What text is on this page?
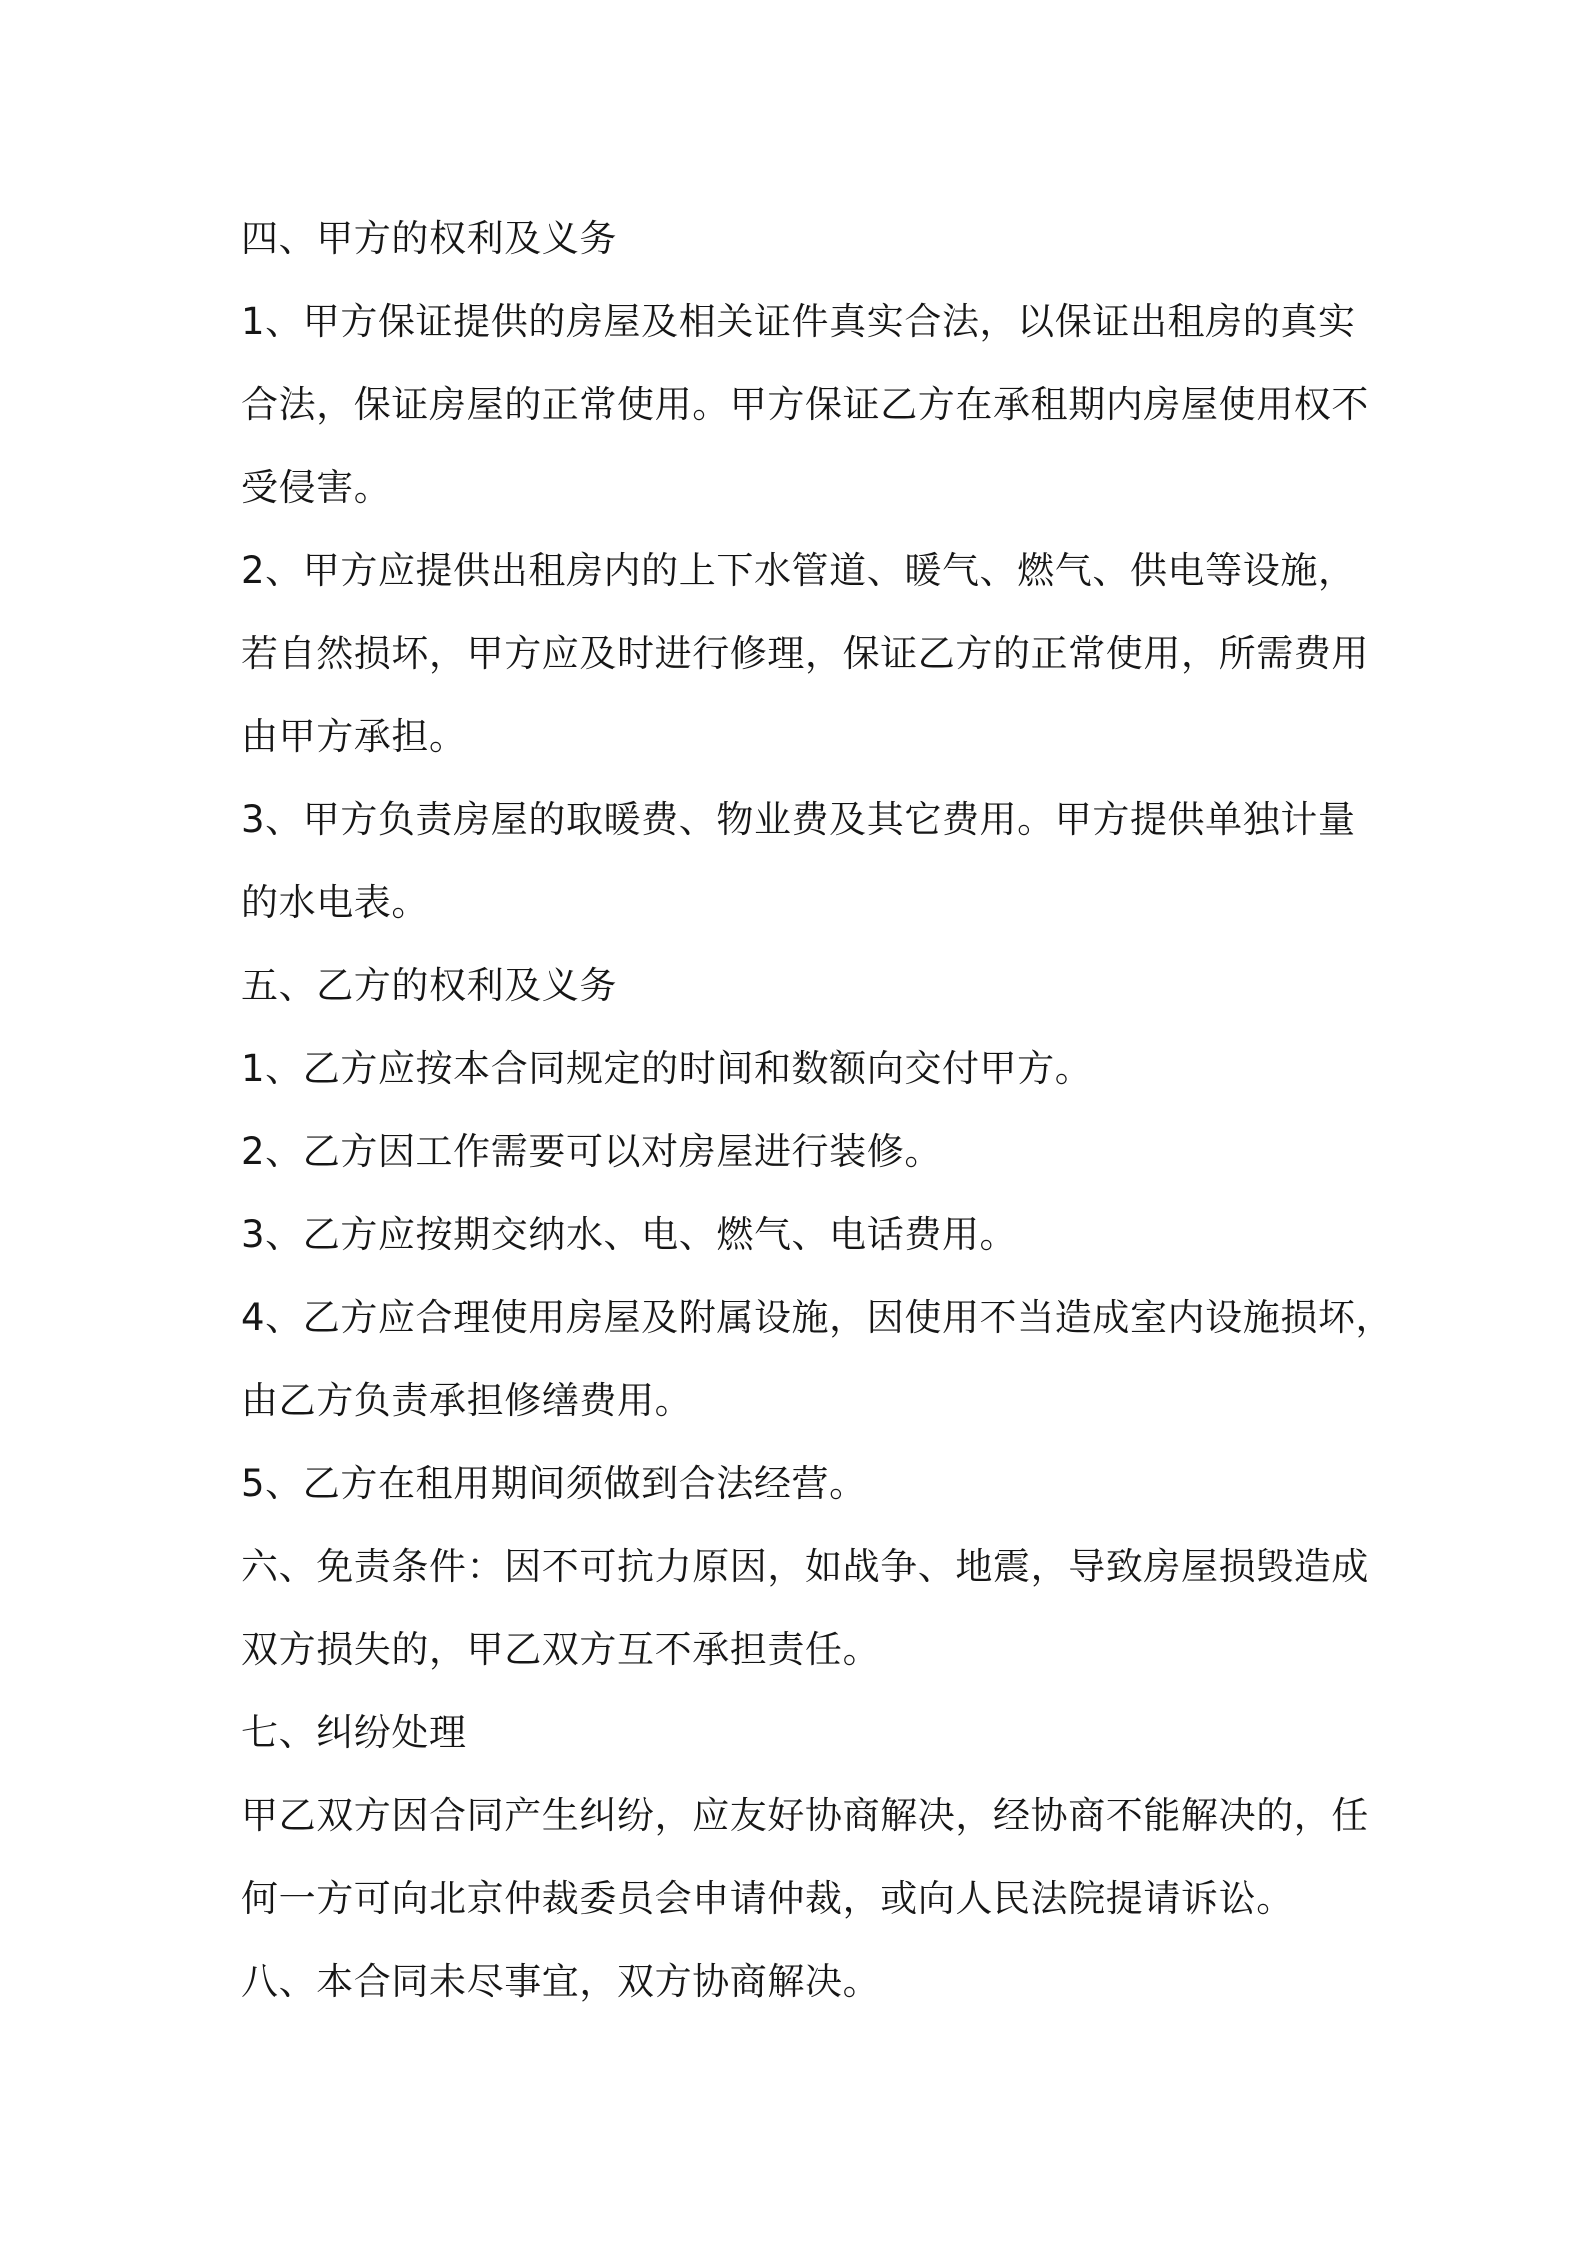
四、甲方的权利及义务

1、甲方保证提供的房屋及相关证件真实合法，以保证出租房的真实

合法，保证房屋的正常使用。甲方保证乙方在承租期内房屋使用权不

受侵害。

2、甲方应提供出租房内的上下水管道、暖气、燃气、供电等设施，

若自然损坏，甲方应及时进行修理，保证乙方的正常使用，所需费用

由甲方承担。

3、甲方负责房屋的取暖费、物业费及其它费用。甲方提供单独计量

的水电表。

五、乙方的权利及义务

1、乙方应按本合同规定的时间和数额向交付甲方。

2、乙方因工作需要可以对房屋进行装修。

3、乙方应按期交纳水、电、燃气、电话费用。

4、乙方应合理使用房屋及附属设施，因使用不当造成室内设施损坏，

由乙方负责承担修缮费用。

5、乙方在租用期间须做到合法经营。

六、免责条件：因不可抗力原因，如战争、地震，导致房屋损毁造成

双方损失的，甲乙双方互不承担责任。

七、纠纷处理

甲乙双方因合同产生纠纷，应友好协商解决，经协商不能解决的，任

何一方可向北京仲裁委员会申请仲裁，或向人民法院提请诉讼。

八、本合同未尽事宜，双方协商解决。
